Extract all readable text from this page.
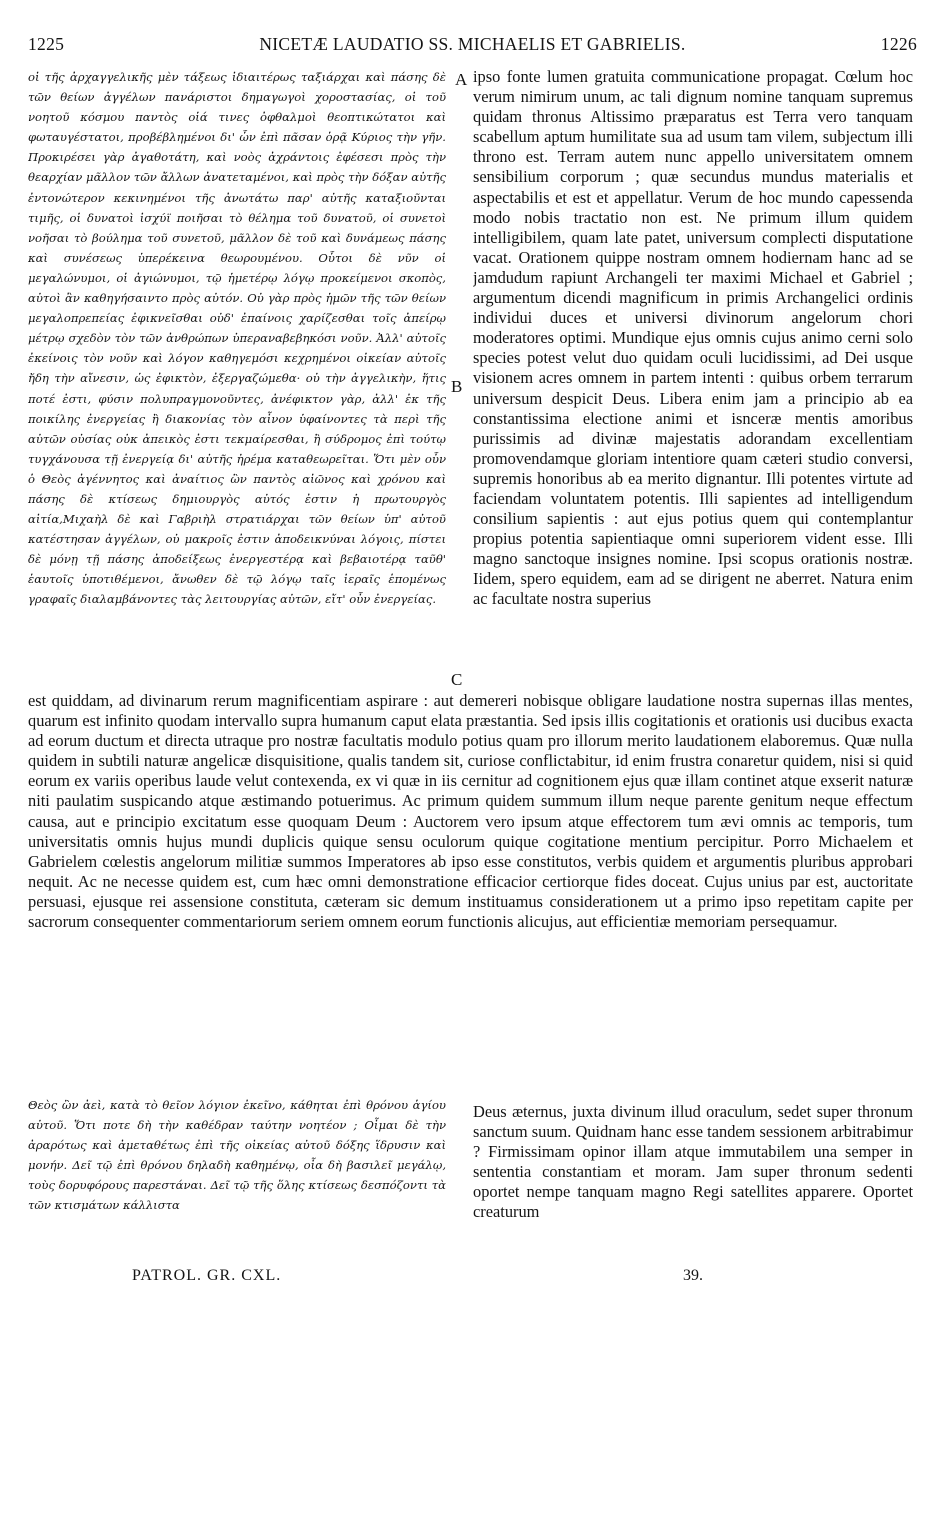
1225	NICETÆ LAUDATIO SS. MICHAELIS ET GABRIELIS.	1226

οἱ τῆς ἀρχαγγελικῆς μὲν τάξεως ἰδιαιτέρως ταξιάρχαι καὶ πάσης δὲ τῶν θείων ἀγγέλων πανάριστοι δημαγωγοὶ χοροστασίας, οἱ τοῦ νοητοῦ κόσμου παντὸς οἱά τινες ὀφθαλμοὶ θεοπτικώτατοι καὶ φωταυγέστατοι, προβέβλημένοι δι' ὧν ἐπὶ πᾶσαν ὁρᾷ Κύριος τὴν γῆν. Προκιρέσει γὰρ ἀγαθοτάτη, καὶ νοὸς ἀχράντοις ἐφέσεσι πρὸς τὴν θεαρχίαν μᾶλλον τῶν ἄλλων ἀνατεταμένοι, καὶ πρὸς τὴν δόξαν αὐτῆς ἐντονώτερον κεκινημένοι τῆς ἀνωτάτω παρ' αὐτῆς καταξιοῦνται τιμῆς, οἱ δυνατοὶ ἰσχύϊ ποιῆσαι τὸ θέλημα τοῦ δυνατοῦ, οἱ συνετοὶ νοῆσαι τὸ βούλημα τοῦ συνετοῦ, μᾶλλον δὲ τοῦ καὶ δυνάμεως πάσης καὶ συνέσεως ὑπερέκεινα θεωρουμένου. Οὗτοι δὲ νῦν οἱ μεγαλώνυμοι, οἱ ἀγιώνυμοι, τῷ ἡμετέρῳ λόγῳ προκείμενοι σκοπὸς, αὐτοὶ ἂν καθηγήσαιντο πρὸς αὐτόν. Οὐ γὰρ πρὸς ἡμῶν τῆς τῶν θείων μεγαλοπρεπείας ἐφικνεῖσθαι οὐδ' ἐπαίνοις χαρίζεσθαι τοῖς ἀπείρῳ μέτρῳ σχεδὸν τὸν τῶν ἀνθρώπων ὑπεραναβεβηκόσι νοῦν. Ἀλλ' αὐτοῖς ἐκείνοις τὸν νοῦν καὶ λόγον καθηγεμόσι κεχρημένοι οἰκείαν αὐτοῖς ἤδη τὴν αἴνεσιν, ὡς ἐφικτὸν, ἐξεργαζώμεθα· οὐ τὴν ἀγγελικὴν, ἥτις ποτέ ἐστι, φύσιν πολυπραγμονοῦντες, ἀνέφικτον γὰρ, ἀλλ' ἐκ τῆς ποικίλης ἐνεργείας ἢ διακονίας τὸν αἶνον ὑφαίνοντες τὰ περὶ τῆς αὐτῶν οὐσίας οὐκ ἀπεικὸς ἐστι τεκμαίρεσθαι, ἢ σύδρομος ἐπὶ τούτῳ τυγχάνουσα τῇ ἐνεργείᾳ δι' αὐτῆς ἠρέμα καταθεωρεῖται. Ὅτι μὲν οὖν ὁ Θεὸς ἀγέννητος καὶ ἀναίτιος ὢν παντὸς αἰῶνος καὶ χρόνου καὶ πάσης δὲ κτίσεως δημιουργὸς αὐτός ἐστιν ἡ πρωτουργὸς αἰτία,Μιχαὴλ δὲ καὶ Γαβριὴλ στρατιάρχαι τῶν θείων ὑπ' αὐτοῦ κατέστησαν ἀγγέλων, οὐ μακροῖς ἐστιν ἀποδεικνύναι λόγοις, πίστει δὲ μόνῃ τῇ πάσης ἀποδείξεως ἐνεργεστέρᾳ καὶ βεβαιοτέρᾳ ταῦθ' ἑαυτοῖς ὑποτιθέμενοι, ἄνωθεν δὲ τῷ λόγῳ ταῖς ἱεραῖς ἑπομένως γραφαῖς διαλαμβάνοντες τὰς λειτουργίας αὐτῶν, εἴτ' οὖν ἐνεργείας.

A
B
C

ipso fonte lumen gratuita communicatione propagat. Cœlum hoc verum nimirum unum, ac tali dignum nomine tanquam supremus quidam thronus Altissimo præparatus est Terra vero tanquam scabellum aptum humilitate sua ad usum tam vilem, subjectum illi throno est. Terram autem nunc appello universitatem omnem sensibilium corporum ; quæ secundus mundus materialis et aspectabilis et est et appellatur. Verum de hoc mundo capessenda modo nobis tractatio non est. Ne primum illum quidem intelligibilem, quam late patet, universum complecti disputatione vacat. Orationem quippe nostram omnem hodiernam hanc ad se jamdudum rapiunt Archangeli ter maximi Michael et Gabriel ; argumentum dicendi magnificum in primis Archangelici ordinis individui duces et universi divinorum angelorum chori moderatores optimi. Mundique ejus omnis cujus animo cerni solo species potest velut duo quidam oculi lucidissimi, ad Dei usque visionem acres omnem in partem intenti : quibus orbem terrarum universum despicit Deus. Libera enim jam a principio ab ea constantissima electione animi et isnceræ mentis amoribus purissimis ad divinæ majestatis adorandam excellentiam promovendamque gloriam intentiore quam cæteri studio conversi, supremis honoribus ab ea merito dignantur. Illi potentes virtute ad faciendam voluntatem potentis. Illi sapientes ad intelligendum consilium sapientis : aut ejus potius quem qui contemplantur propius potentia sapientiaque omni superiorem vident esse. Illi magno sanctoque insignes nomine. Ipsi scopus orationis nostræ. Iidem, spero equidem, eam ad se dirigent ne aberret. Natura enim ac facultate nostra superius

est quiddam, ad divinarum rerum magnificentiam aspirare : aut demereri nobisque obligare laudatione nostra supernas illas mentes, quarum est infinito quodam intervallo supra humanum caput elata præstantia. Sed ipsis illis cogitationis et orationis usi ducibus exacta ad eorum ductum et directa utraque pro nostræ facultatis modulo potius quam pro illorum merito laudationem elaboremus. Quæ nulla quidem in subtili naturæ angelicæ disquisitione, qualis tandem sit, curiose conflictabitur, id enim frustra conaretur quidem, nisi si quid eorum ex variis operibus laude velut contexenda, ex vi quæ in iis cernitur ad cognitionem ejus quæ illam continet atque exserit naturæ niti paulatim suspicando atque æstimando potuerimus. Ac primum quidem summum illum neque parente genitum neque effectum causa, aut e principio excitatum esse quoquam Deum : Auctorem vero ipsum atque effectorem tum ævi omnis ac temporis, tum universitatis omnis hujus mundi duplicis quique sensu oculorum quique cogitatione mentium percipitur. Porro Michaelem et Gabrielem cœlestis angelorum militiæ summos Imperatores ab ipso esse constitutos, verbis quidem et argumentis pluribus approbari nequit. Ac ne necesse quidem est, cum hæc omni demonstratione efficacior certiorque fides doceat. Cujus unius par est, auctoritate persuasi, ejusque rei assensione constituta, cæteram sic demum instituamus considerationem ut a primo ipso repetitam capite per sacrorum consequenter commentariorum seriem omnem eorum functionis alicujus, aut efficientiæ memoriam persequamur.

Θεὸς ὢν ἀεὶ, κατὰ τὸ θεῖον λόγιον ἐκεῖνο, κάθηται ἐπὶ θρόνου ἁγίου αὐτοῦ. Ὅτι ποτε δὴ τὴν καθέδραν ταύτην νοητέον ; Οἶμαι δὲ τὴν ἀραρότως καὶ ἀμεταθέτως ἐπὶ τῆς οἰκείας αὐτοῦ δόξης ἵδρυσιν καὶ μονήν. Δεῖ τῷ ἐπὶ θρόνου δηλαδὴ καθημένῳ, οἷα δὴ βασιλεῖ μεγάλῳ, τοὺς δορυφόρους παρεστάναι. Δεῖ τῷ τῆς ὅλης κτίσεως δεσπόζοντι τὰ τῶν κτισμάτων κάλλιστα

Deus æternus, juxta divinum illud oraculum, sedet super thronum sanctum suum. Quidnam hanc esse tandem sessionem arbitrabimur ? Firmissimam opinor illam atque immutabilem una semper in sententia constantiam et moram. Jam super thronum sedenti oportet nempe tanquam magno Regi satellites apparere. Oportet creaturum

PATROL. GR. CXL.	39.
